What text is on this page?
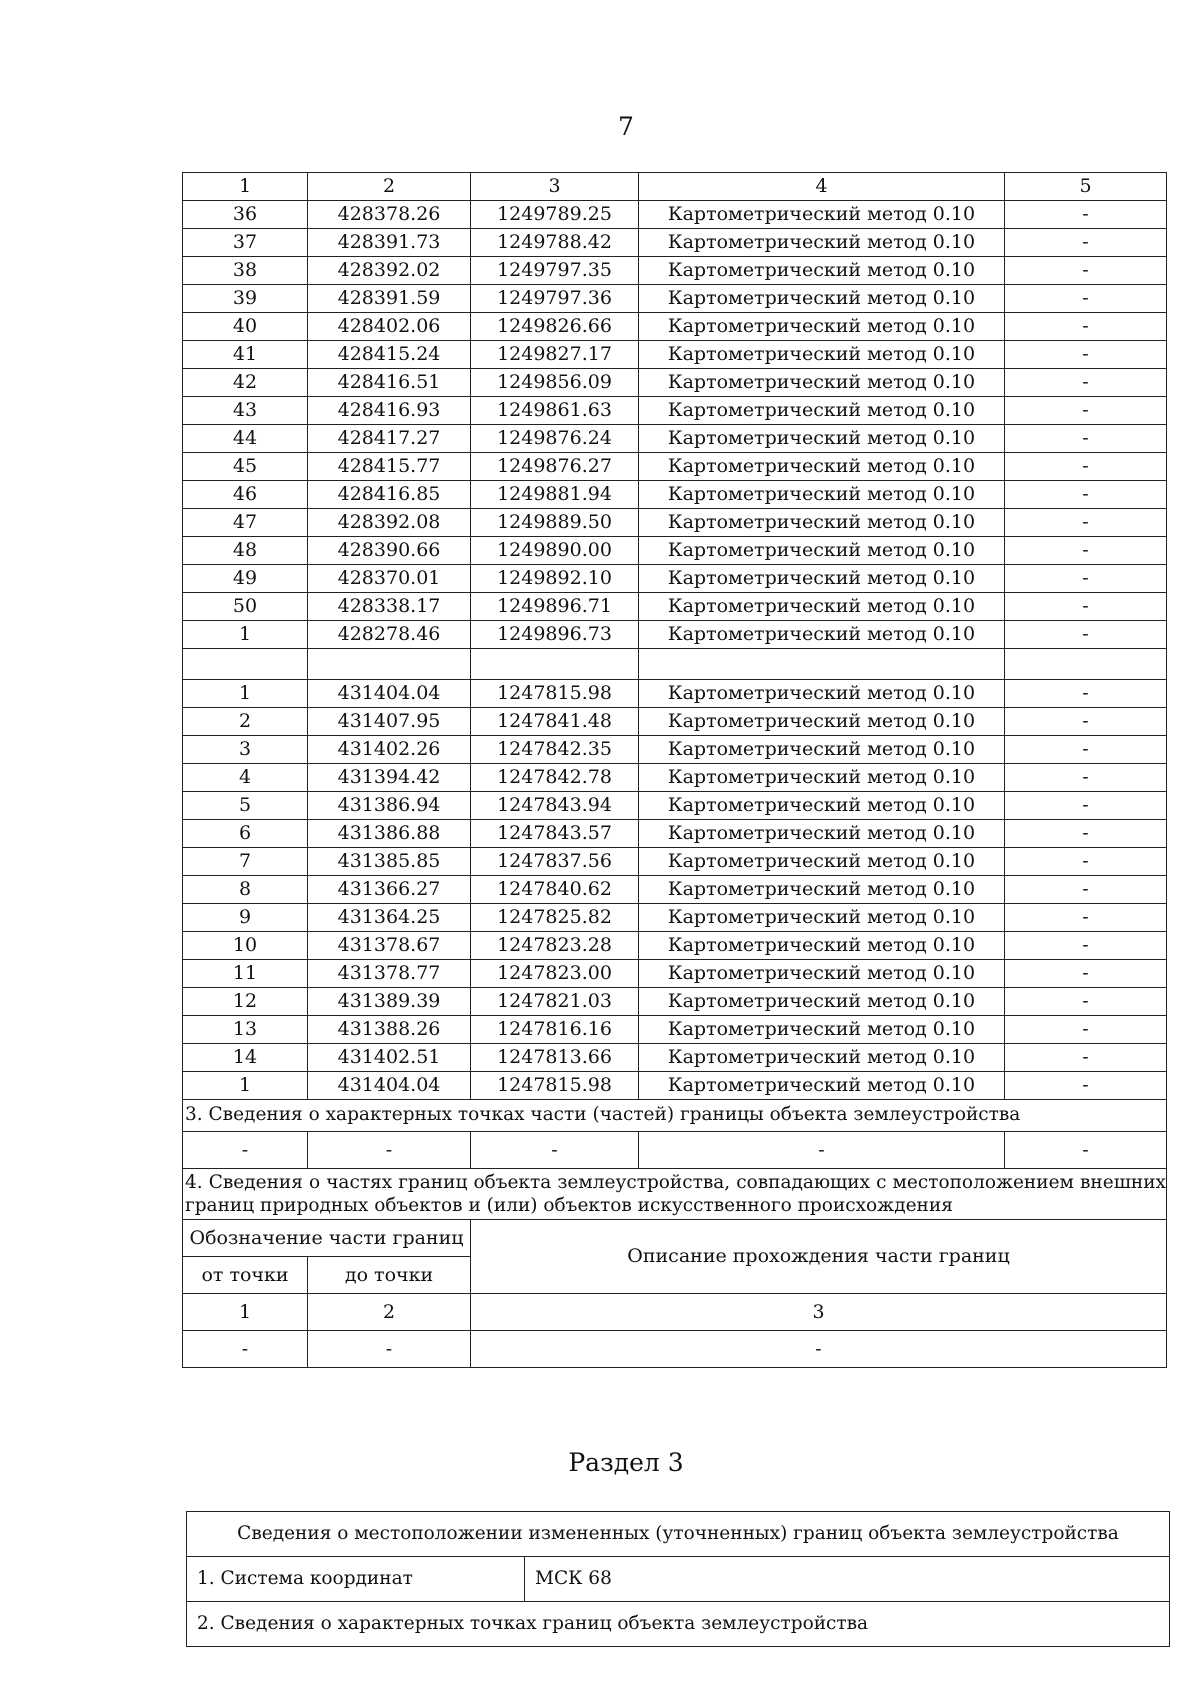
7
1	2	3	4	5
36	428378.26	1249789.25	Картометрический метод 0.10	-
37	428391.73	1249788.42	Картометрический метод 0.10	-
38	428392.02	1249797.35	Картометрический метод 0.10	-
39	428391.59	1249797.36	Картометрический метод 0.10	-
40	428402.06	1249826.66	Картометрический метод 0.10	-
41	428415.24	1249827.17	Картометрический метод 0.10	-
42	428416.51	1249856.09	Картометрический метод 0.10	-
43	428416.93	1249861.63	Картометрический метод 0.10	-
44	428417.27	1249876.24	Картометрический метод 0.10	-
45	428415.77	1249876.27	Картометрический метод 0.10	-
46	428416.85	1249881.94	Картометрический метод 0.10	-
47	428392.08	1249889.50	Картометрический метод 0.10	-
48	428390.66	1249890.00	Картометрический метод 0.10	-
49	428370.01	1249892.10	Картометрический метод 0.10	-
50	428338.17	1249896.71	Картометрический метод 0.10	-
1	428278.46	1249896.73	Картометрический метод 0.10	-

1	431404.04	1247815.98	Картометрический метод 0.10	-
2	431407.95	1247841.48	Картометрический метод 0.10	-
3	431402.26	1247842.35	Картометрический метод 0.10	-
4	431394.42	1247842.78	Картометрический метод 0.10	-
5	431386.94	1247843.94	Картометрический метод 0.10	-
6	431386.88	1247843.57	Картометрический метод 0.10	-
7	431385.85	1247837.56	Картометрический метод 0.10	-
8	431366.27	1247840.62	Картометрический метод 0.10	-
9	431364.25	1247825.82	Картометрический метод 0.10	-
10	431378.67	1247823.28	Картометрический метод 0.10	-
11	431378.77	1247823.00	Картометрический метод 0.10	-
12	431389.39	1247821.03	Картометрический метод 0.10	-
13	431388.26	1247816.16	Картометрический метод 0.10	-
14	431402.51	1247813.66	Картометрический метод 0.10	-
1	431404.04	1247815.98	Картометрический метод 0.10	-
3. Сведения о характерных точках части (частей) границы объекта землеустройства				
-	-	-	-	-
4. Сведения о частях границ объекта землеустройства, совпадающих с местоположением внешних границ природных объектов и (или) объектов искусственного происхождения				
Обозначение части границ		Описание прохождения части границ		
от точки	до точки			
1	2	3		
-	-	-		
Раздел 3
Сведения о местоположении измененных (уточненных) границ объекта землеустройства
1. Система координат	МСК 68
2. Сведения о характерных точках границ объекта землеустройства
